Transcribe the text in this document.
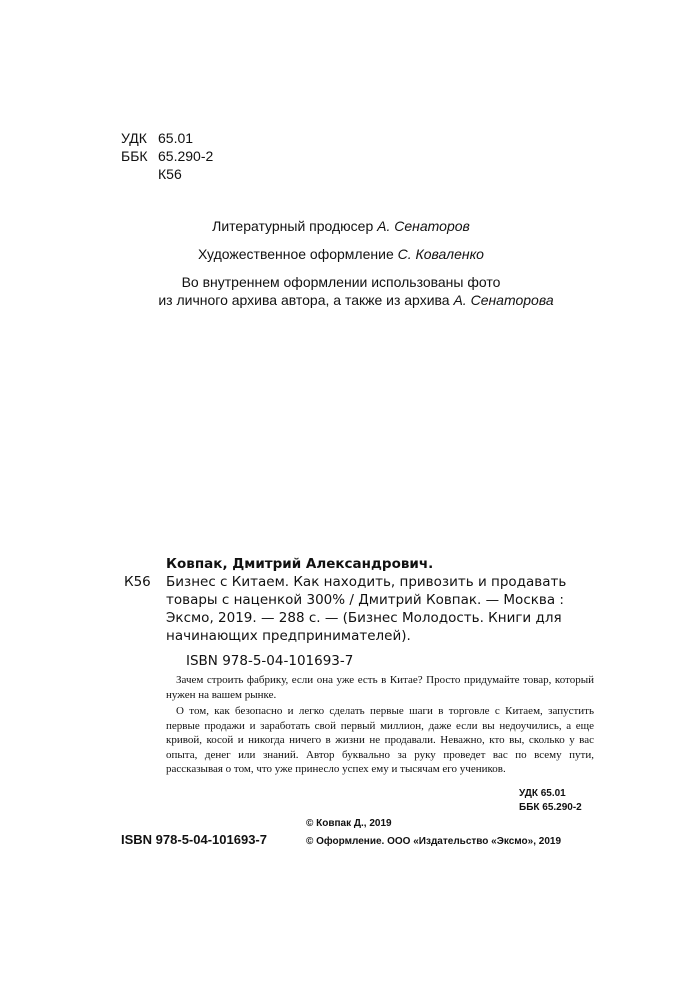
УДК 65.01
ББК 65.290-2
К56

Литературный продюсер А. Сенаторов

Художественное оформление С. Коваленко

Во внутреннем оформлении использованы фото
из личного архива автора, а также из архива А. Сенаторова

Ковпак, Дмитрий Александрович.
К56	Бизнес с Китаем. Как находить, привозить и продавать товары с наценкой 300% / Дмитрий Ковпак. — Москва : Эксмо, 2019. — 288 с. — (Бизнес Молодость. Книги для начинающих предпринимателей).
ISBN 978-5-04-101693-7

Зачем строить фабрику, если она уже есть в Китае? Просто придумайте товар, который нужен на вашем рынке.

О том, как безопасно и легко сделать первые шаги в торговле с Китаем, запустить первые продажи и заработать свой первый миллион, даже если вы недоучились, а еще кривой, косой и никогда ничего в жизни не продавали. Неважно, кто вы, сколько у вас опыта, денег или знаний. Автор буквально за руку проведет вас по всему пути, рассказывая о том, что уже принесло успех ему и тысячам его учеников.

УДК 65.01
ББК 65.290-2
ISBN 978-5-04-101693-7
© Ковпак Д., 2019
© Оформление. ООО «Издательство «Эксмо», 2019
